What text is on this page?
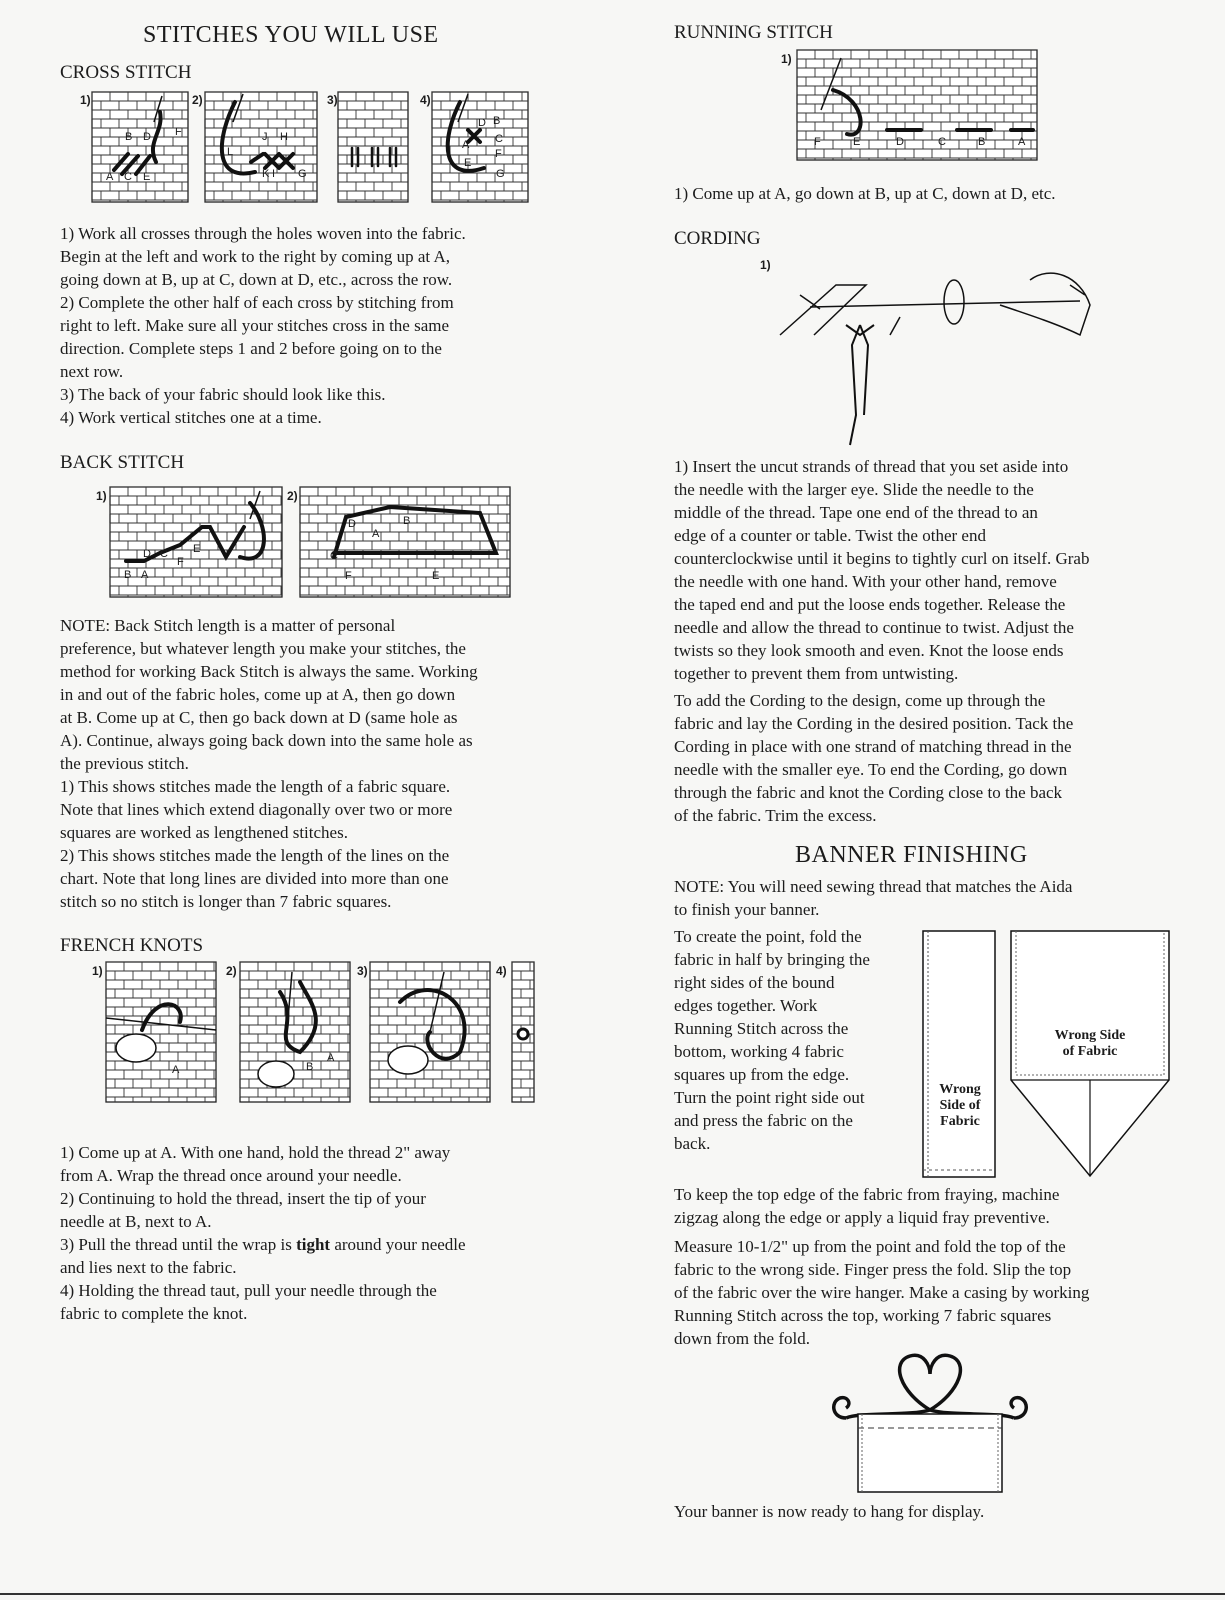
STITCHES YOU WILL USE
CROSS STITCH
1)	2)	3)	4)
B D F
A C E
J H
L
K I G
D B
A C
E
F
G
1) Work all crosses through the holes woven into the fabric.
Begin at the left and work to the right by coming up at A,
going down at B, up at C, down at D, etc., across the row.
2) Complete the other half of each cross by stitching from
right to left. Make sure all your stitches cross in the same
direction. Complete steps 1 and 2 before going on to the
next row.
3) The back of your fabric should look like this.
4) Work vertical stitches one at a time.
BACK STITCH
1)	2)
D C E
F
B A
D	B
A
C
F	E
NOTE: Back Stitch length is a matter of personal
preference, but whatever length you make your stitches, the
method for working Back Stitch is always the same. Working
in and out of the fabric holes, come up at A, then go down
at B. Come up at C, then go back down at D (same hole as
A). Continue, always going back down into the same hole as
the previous stitch.
1) This shows stitches made the length of a fabric square.
Note that lines which extend diagonally over two or more
squares are worked as lengthened stitches.
2) This shows stitches made the length of the lines on the
chart. Note that long lines are divided into more than one
stitch so no stitch is longer than 7 fabric squares.
FRENCH KNOTS
1)	2)	3)	4)
A	B
A
1) Come up at A. With one hand, hold the thread 2" away
from A. Wrap the thread once around your needle.
2) Continuing to hold the thread, insert the tip of your
needle at B, next to A.
3) Pull the thread until the wrap is tight around your needle
and lies next to the fabric.
4) Holding the thread taut, pull your needle through the
fabric to complete the knot.
RUNNING STITCH
1)
F	E	D	C	B	A
1) Come up at A, go down at B, up at C, down at D, etc.
CORDING
1)
1) Insert the uncut strands of thread that you set aside into
the needle with the larger eye. Slide the needle to the
middle of the thread. Tape one end of the thread to an
edge of a counter or table. Twist the other end
counterclockwise until it begins to tightly curl on itself. Grab
the needle with one hand. With your other hand, remove
the taped end and put the loose ends together. Release the
needle and allow the thread to continue to twist. Adjust the
twists so they look smooth and even. Knot the loose ends
together to prevent them from untwisting.
To add the Cording to the design, come up through the
fabric and lay the Cording in the desired position. Tack the
Cording in place with one strand of matching thread in the
needle with the smaller eye. To end the Cording, go down
through the fabric and knot the Cording close to the back
of the fabric. Trim the excess.
BANNER FINISHING
NOTE: You will need sewing thread that matches the Aida
to finish your banner.
To create the point, fold the
fabric in half by bringing the
right sides of the bound
edges together. Work
Running Stitch across the
bottom, working 4 fabric
squares up from the edge.
Turn the point right side out
and press the fabric on the
back.
Wrong
Side of
Fabric
Wrong Side
of Fabric
To keep the top edge of the fabric from fraying, machine
zigzag along the edge or apply a liquid fray preventive.
Measure 10-1/2" up from the point and fold the top of the
fabric to the wrong side. Finger press the fold. Slip the top
of the fabric over the wire hanger. Make a casing by working
Running Stitch across the top, working 7 fabric squares
down from the fold.
Your banner is now ready to hang for display.
